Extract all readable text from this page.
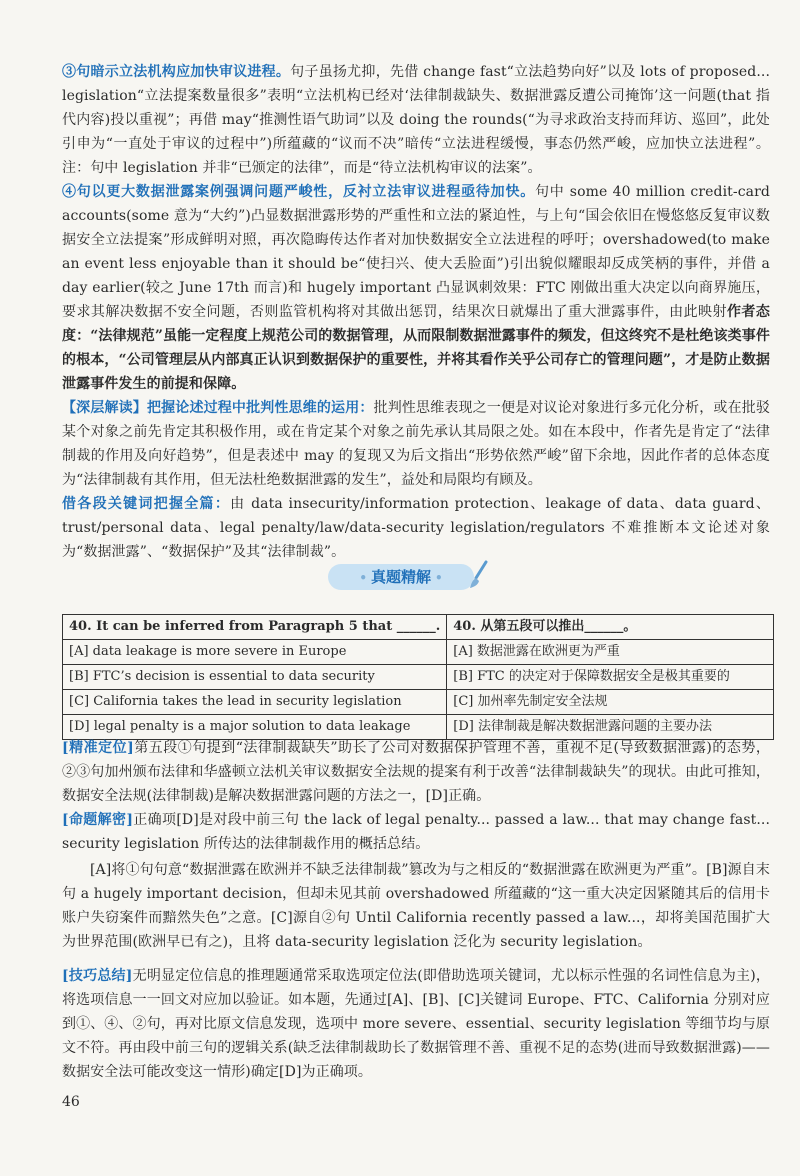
③句暗示立法机构应加快审议进程。句子虽扬尤抑，先借 change fast“立法趋势向好”以及 lots of proposed... legislation“立法提案数量很多”表明“立法机构已经对‘法律制裁缺失、数据泄露反遭公司掩饰’这一问题(that 指代内容)投以重视”；再借 may“推测性语气助词”以及 doing the rounds(“为寻求政治支持而拜访、巡回”，此处引申为“一直处于审议的过程中”)所蕴藏的“议而不决”暗传“立法进程缓慢，事态仍然严峻，应加快立法进程”。注：句中 legislation 并非“已颁定的法律”，而是“待立法机构审议的法案”。
④句以更大数据泄露案例强调问题严峻性，反衬立法审议进程亟待加快。句中 some 40 million credit-card accounts(some 意为“大约”)凸显数据泄露形势的严重性和立法的紧迫性，与上句“国会依旧在慢悠悠反复审议数据安全立法提案”形成鲜明对照，再次隐晦传达作者对加快数据安全立法进程的呼吁；overshadowed(to make an event less enjoyable than it should be“使扫兴、使大丢脸面”)引出貌似耀眼却反成笑柄的事件，并借 a day earlier(较之 June 17th 而言)和 hugely important 凸显讽刺效果：FTC 刚做出重大决定以向商界施压，要求其解决数据不安全问题，否则监管机构将对其做出惩罚，结果次日就爆出了重大泄露事件，由此映射作者态度：“法律规范”虽能一定程度上规范公司的数据管理，从而限制数据泄露事件的频发，但这终究不是杜绝该类事件的根本，“公司管理层从内部真正认识到数据保护的重要性，并将其看作关乎公司存亡的管理问题”，才是防止数据泄露事件发生的前提和保障。
【深层解读】把握论述过程中批判性思维的运用：批判性思维表现之一便是对议论对象进行多元化分析，或在批驳某个对象之前先肯定其积极作用，或在肯定某个对象之前先承认其局限之处。如在本段中，作者先是肯定了“法律制裁的作用及向好趋势”，但是表述中 may 的复现又为后文指出“形势依然严峻”留下余地，因此作者的总体态度为“法律制裁有其作用，但无法杜绝数据泄露的发生”，益处和局限均有顾及。
借各段关键词把握全篇：由 data insecurity/information protection、leakage of data、data guard、trust/personal data、legal penalty/law/data-security legislation/regulators 不难推断本文论述对象为“数据泄露”、“数据保护”及其“法律制裁”。
• 真题精解 •
40. It can be inferred from Paragraph 5 that ______.	40. 从第五段可以推出______。
[A] data leakage is more severe in Europe	[A] 数据泄露在欧洲更为严重
[B] FTC’s decision is essential to data security	[B] FTC 的决定对于保障数据安全是极其重要的
[C] California takes the lead in security legislation	[C] 加州率先制定安全法规
[D] legal penalty is a major solution to data leakage	[D] 法律制裁是解决数据泄露问题的主要办法
[精准定位]第五段①句提到“法律制裁缺失”助长了公司对数据保护管理不善，重视不足(导致数据泄露)的态势，②③句加州颁布法律和华盛顿立法机关审议数据安全法规的提案有利于改善“法律制裁缺失”的现状。由此可推知，数据安全法规(法律制裁)是解决数据泄露问题的方法之一，[D]正确。
[命题解密]正确项[D]是对段中前三句 the lack of legal penalty... passed a law... that may change fast... security legislation 所传达的法律制裁作用的概括总结。
[A]将①句句意“数据泄露在欧洲并不缺乏法律制裁”篡改为与之相反的“数据泄露在欧洲更为严重”。[B]源自末句 a hugely important decision，但却未见其前 overshadowed 所蕴藏的“这一重大决定因紧随其后的信用卡账户失窃案件而黯然失色”之意。[C]源自②句 Until California recently passed a law...，却将美国范围扩大为世界范围(欧洲早已有之)，且将 data-security legislation 泛化为 security legislation。
[技巧总结]无明显定位信息的推理题通常采取选项定位法(即借助选项关键词，尤以标示性强的名词性信息为主)，将选项信息一一回文对应加以验证。如本题，先通过[A]、[B]、[C]关键词 Europe、FTC、California 分别对应到①、④、②句，再对比原文信息发现，选项中 more severe、essential、security legislation 等细节均与原文不符。再由段中前三句的逻辑关系(缺乏法律制裁助长了数据管理不善、重视不足的态势(进而导致数据泄露)——数据安全法可能改变这一情形)确定[D]为正确项。
46
